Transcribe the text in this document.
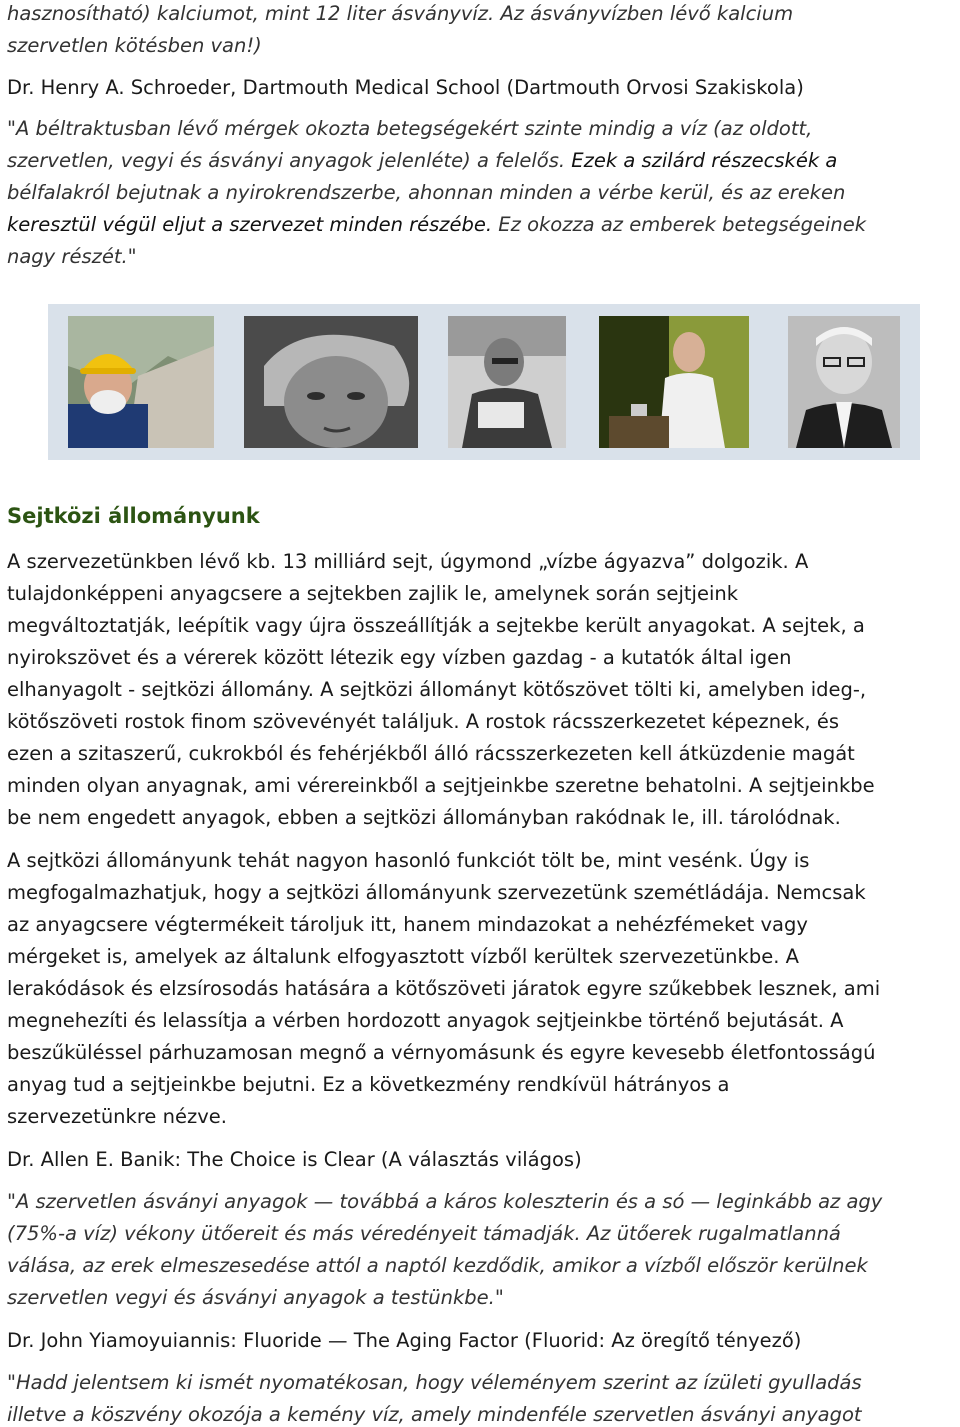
hasznosítható) kalciumot, mint 12 liter ásványvíz. Az ásványvízben lévő kalcium

szervetlen kötésben van!)

Dr. Henry A. Schroeder, Dartmouth Medical School (Dartmouth Orvosi Szakiskola)

"A béltraktusban lévő mérgek okozta betegségekért szinte mindig a víz (az oldott,

szervetlen, vegyi és ásványi anyagok jelenléte) a felelős. Ezek a szilárd részecskék a

bélfalakról bejutnak a nyirokrendszerbe, ahonnan minden a vérbe kerül, és az ereken

keresztül végül eljut a szervezet minden részébe. Ez okozza az emberek betegségeinek

nagy részét."

Sejtközi állományunk

A szervezetünkben lévő kb. 13 milliárd sejt, úgymond „vízbe ágyazva” dolgozik. A

tulajdonképpeni anyagcsere a sejtekben zajlik le, amelynek során sejtjeink

megváltoztatják, leépítik vagy újra összeállítják a sejtekbe került anyagokat. A sejtek, a

nyirokszövet és a vérerek között létezik egy vízben gazdag - a kutatók által igen

elhanyagolt - sejtközi állomány. A sejtközi állományt kötőszövet tölti ki, amelyben ideg-,

kötőszöveti rostok finom szövevényét találjuk. A rostok rácsszerkezetet képeznek, és

ezen a szitaszerű, cukrokból és fehérjékből álló rácsszerkezeten kell átküzdenie magát

minden olyan anyagnak, ami vérereinkből a sejtjeinkbe szeretne behatolni. A sejtjeinkbe

be nem engedett anyagok, ebben a sejtközi állományban rakódnak le, ill. tárolódnak.

A sejtközi állományunk tehát nagyon hasonló funkciót tölt be, mint vesénk. Úgy is

megfogalmazhatjuk, hogy a sejtközi állományunk szervezetünk szemétládája. Nemcsak

az anyagcsere végtermékeit tároljuk itt, hanem mindazokat a nehézfémeket vagy

mérgeket is, amelyek az általunk elfogyasztott vízből kerültek szervezetünkbe. A

lerakódások és elzsírosodás hatására a kötőszöveti járatok egyre szűkebbek lesznek, ami

megnehezíti és lelassítja a vérben hordozott anyagok sejtjeinkbe történő bejutását. A

beszűküléssel párhuzamosan megnő a vérnyomásunk és egyre kevesebb életfontosságú

anyag tud a sejtjeinkbe bejutni. Ez a következmény rendkívül hátrányos a

szervezetünkre nézve.

Dr. Allen E. Banik: The Choice is Clear (A választás világos)

"A szervetlen ásványi anyagok — továbbá a káros koleszterin és a só — leginkább az agy

(75%-a víz) vékony ütőereit és más véredényeit támadják. Az ütőerek rugalmatlanná

válása, az erek elmeszesedése attól a naptól kezdődik, amikor a vízből először kerülnek

szervetlen vegyi és ásványi anyagok a testünkbe."

Dr. John Yiamoyuiannis: Fluoride — The Aging Factor (Fluorid: Az öregítő tényező)

"Hadd jelentsem ki ismét nyomatékosan, hogy véleményem szerint az ízületi gyulladás

illetve a köszvény okozója a kemény víz, amely mindenféle szervetlen ásványi anyagot
